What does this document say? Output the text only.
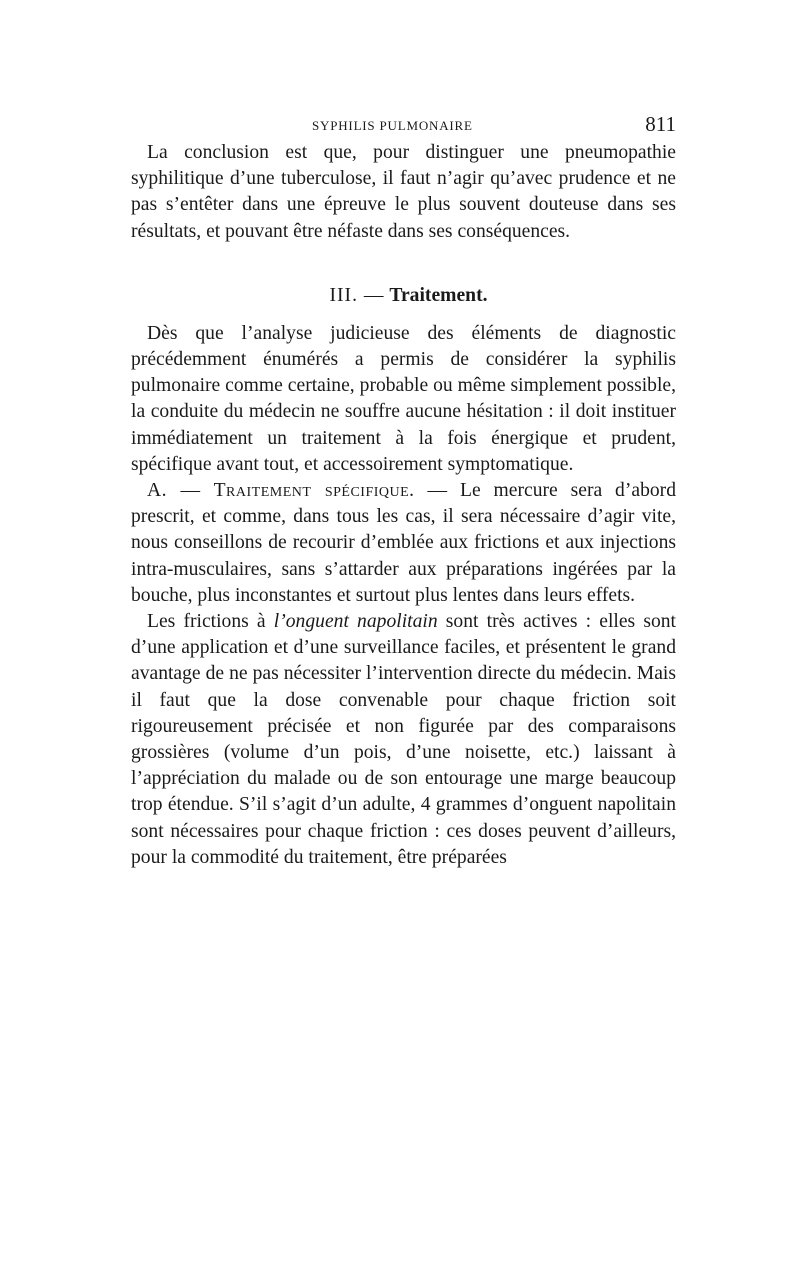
SYPHILIS PULMONAIRE	811

La conclusion est que, pour distinguer une pneumopathie syphilitique d’une tuberculose, il faut n’agir qu’avec prudence et ne pas s’entêter dans une épreuve le plus souvent douteuse dans ses résultats, et pouvant être néfaste dans ses conséquences.

III. — Traitement.

Dès que l’analyse judicieuse des éléments de diagnostic précédemment énumérés a permis de considérer la syphilis pulmonaire comme certaine, probable ou même simplement possible, la conduite du médecin ne souffre aucune hésitation : il doit instituer immédiatement un traitement à la fois énergique et prudent, spécifique avant tout, et accessoirement symptomatique.

A. — Traitement spécifique. — Le mercure sera d’abord prescrit, et comme, dans tous les cas, il sera nécessaire d’agir vite, nous conseillons de recourir d’emblée aux frictions et aux injections intra-musculaires, sans s’attarder aux préparations ingérées par la bouche, plus inconstantes et surtout plus lentes dans leurs effets.

Les frictions à l’onguent napolitain sont très actives : elles sont d’une application et d’une surveillance faciles, et présentent le grand avantage de ne pas nécessiter l’intervention directe du médecin. Mais il faut que la dose convenable pour chaque friction soit rigoureusement précisée et non figurée par des comparaisons grossières (volume d’un pois, d’une noisette, etc.) laissant à l’appréciation du malade ou de son entourage une marge beaucoup trop étendue. S’il s’agit d’un adulte, 4 grammes d’onguent napolitain sont nécessaires pour chaque friction : ces doses peuvent d’ailleurs, pour la commodité du traitement, être préparées
